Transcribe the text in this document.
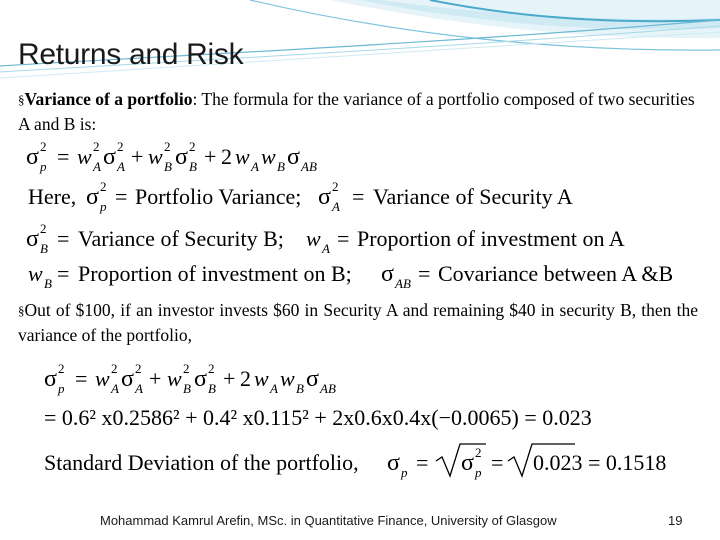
Returns and Risk
§Variance of a portfolio: The formula for the variance of a portfolio composed of two securities A and B is:
σ 2
p = w 2
A σ 2
A + w 2
B σ 2
B + 2 w A w B σ AB
Here, σ 2
p = Portfolio Variance; σ 2
A = Variance of Security A
σ 2
B = Variance of Security B; w A = Proportion of investment on A
w B = Proportion of investment on B; σ AB = Covariance between A &B
σ 2
p = w 2
A σ 2
A + w 2
B σ 2
B + 2 w A w B σ AB
= 0.6² x0.2586² + 0.4² x0.115² + 2x0.6x0.4x(−0.0065) = 0.023
Standard Deviation of the portfolio, σ p = σ 2
p = 0.023 = 0.1518
§Out of $100, if an investor invests $60 in Security A and remaining $40 in security B, then the variance of the portfolio,
Mohammad Kamrul Arefin, MSc. in Quantitative Finance, University of Glasgow	19
